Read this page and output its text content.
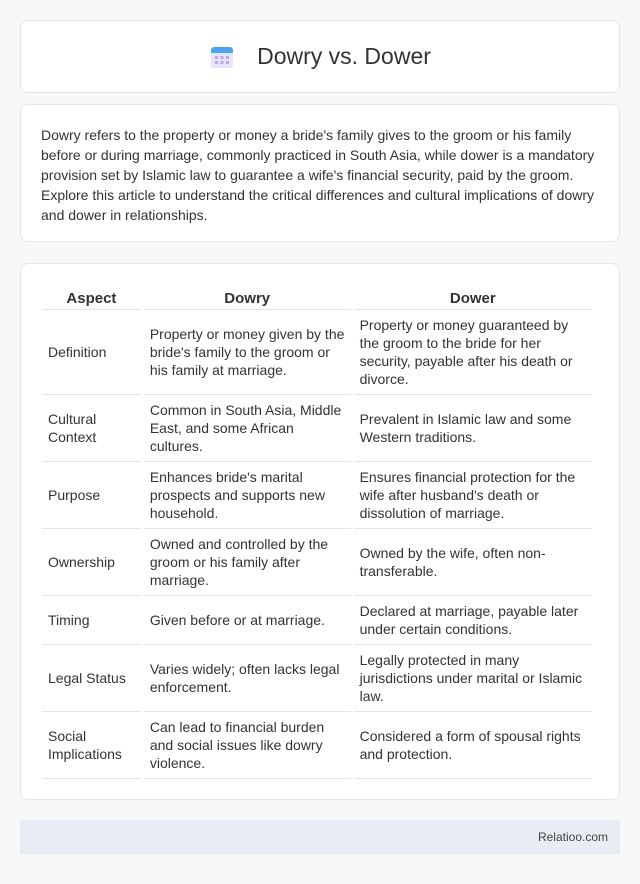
Dowry vs. Dower

Dowry refers to the property or money a bride's family gives to the groom or his family before or during marriage, commonly practiced in South Asia, while dower is a mandatory provision set by Islamic law to guarantee a wife's financial security, paid by the groom. Explore this article to understand the critical differences and cultural implications of dowry and dower in relationships.

Aspect	Dowry	Dower
Definition	Property or money given by the bride's family to the groom or his family at marriage.	Property or money guaranteed by the groom to the bride for her security, payable after his death or divorce.
Cultural Context	Common in South Asia, Middle East, and some African cultures.	Prevalent in Islamic law and some Western traditions.
Purpose	Enhances bride's marital prospects and supports new household.	Ensures financial protection for the wife after husband's death or dissolution of marriage.
Ownership	Owned and controlled by the groom or his family after marriage.	Owned by the wife, often non-transferable.
Timing	Given before or at marriage.	Declared at marriage, payable later under certain conditions.
Legal Status	Varies widely; often lacks legal enforcement.	Legally protected in many jurisdictions under marital or Islamic law.
Social Implications	Can lead to financial burden and social issues like dowry violence.	Considered a form of spousal rights and protection.
Relatioo.com
